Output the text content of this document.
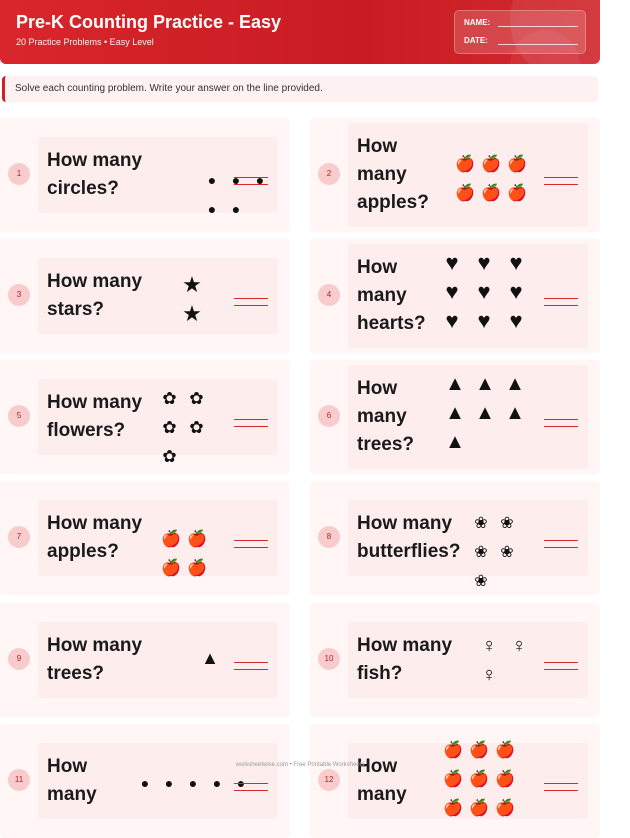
Pre-K Counting Practice - Easy
20 Practice Problems • Easy Level
NAME:
DATE:
Solve each counting problem. Write your answer on the line provided.
1
How many
circles?	●	●	●
●	●
2
How
many
apples?
🍎 🍎 🍎
🍎 🍎 🍎
3
How many
stars?
★
★
4
How
many
hearts?
♥ ♥ ♥
♥ ♥ ♥
♥ ♥ ♥
5
How many
flowers?
✿ ✿
✿ ✿
✿
6
How
many
trees?
▲ ▲ ▲
▲ ▲ ▲
▲
7
How many
apples?
🍎 🍎
🍎 🍎
8
How many
butterflies?
❀ ❀
❀ ❀
❀
9
How many
trees?
▲	10
How many
fish?
♀ ♀
♀
11
How
many
●	●	●	●	●	12
How
many
🍎 🍎 🍎
🍎 🍎 🍎
🍎 🍎 🍎
worksheetwise.com • Free Printable Worksheets
